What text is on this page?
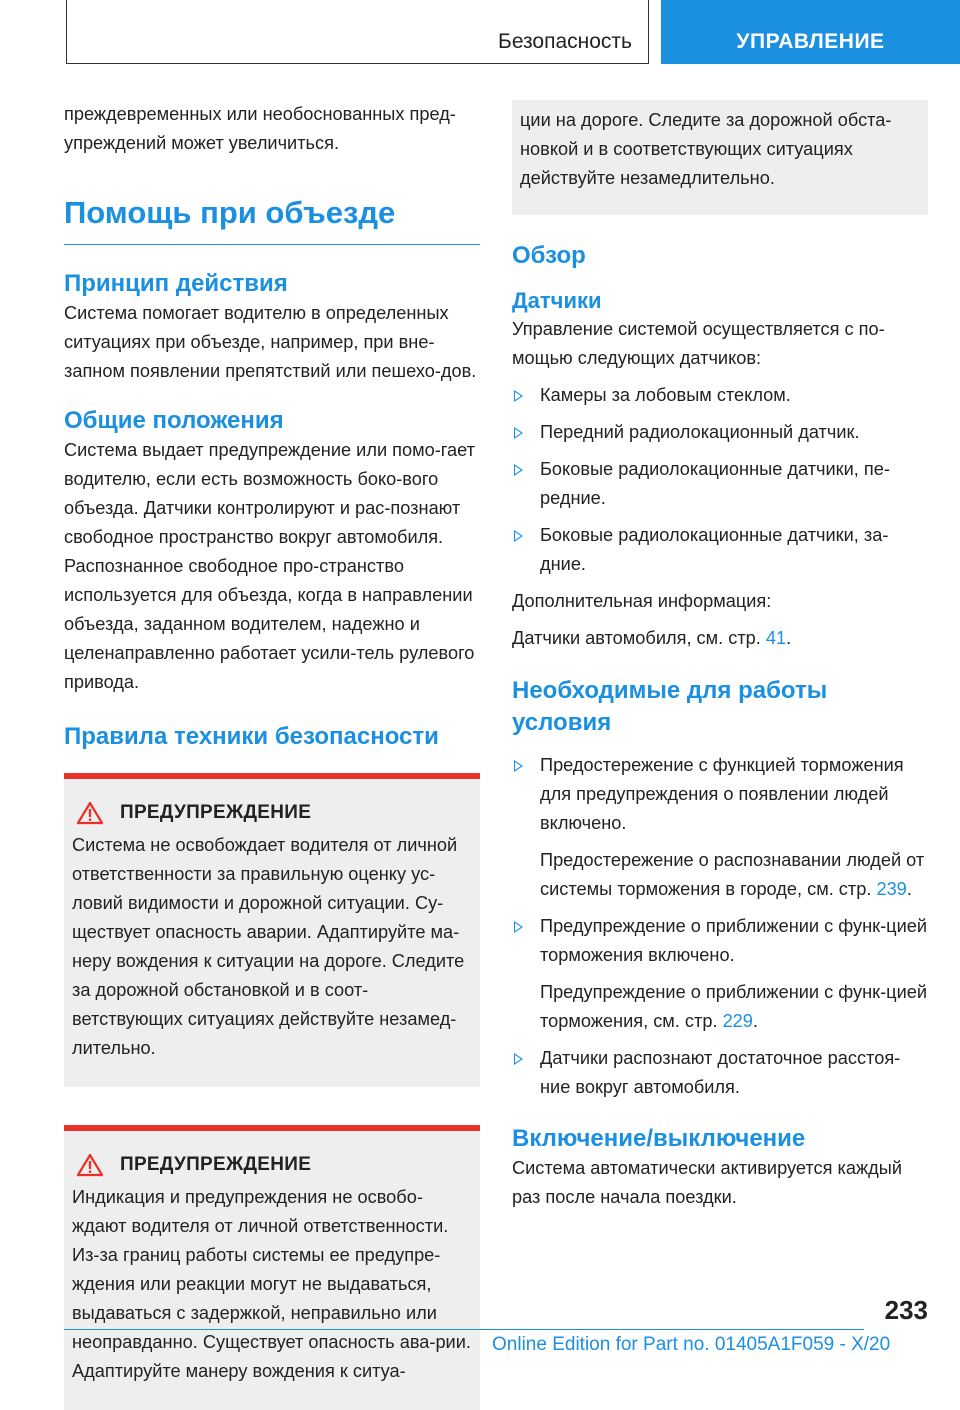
Безопасность	УПРАВЛЕНИЕ

преждевременных или необоснованных пред-упреждений может увеличиться.

Помощь при объезде
Принцип действия

Система помогает водителю в определенных ситуациях при объезде, например, при вне-запном появлении препятствий или пешехо-дов.

Общие положения

Система выдает предупреждение или помо-гает водителю, если есть возможность боко-вого объезда. Датчики контролируют и рас-познают свободное пространство вокруг автомобиля. Распознанное свободное про-странство используется для объезда, когда в направлении объезда, заданном водителем, надежно и целенаправленно работает усили-тель рулевого привода.

Правила техники безопасности
ПРЕДУПРЕЖДЕНИЕ

Система не освобождает водителя от личной ответственности за правильную оценку ус-ловий видимости и дорожной ситуации. Су-ществует опасность аварии. Адаптируйте ма-неру вождения к ситуации на дороге. Следите за дорожной обстановкой и в соот-ветствующих ситуациях действуйте незамед-лительно.

ПРЕДУПРЕЖДЕНИЕ

Индикация и предупреждения не освобо-ждают водителя от личной ответственности. Из-за границ работы системы ее предупре-ждения или реакции могут не выдаваться, выдаваться с задержкой, неправильно или неоправданно. Существует опасность ава-рии. Адаптируйте манеру вождения к ситуа-

ции на дороге. Следите за дорожной обста-новкой и в соответствующих ситуациях действуйте незамедлительно.

Обзор
Датчики

Управление системой осуществляется с по-мощью следующих датчиков:

Камеры за лобовым стеклом.
Передний радиолокационный датчик.
Боковые радиолокационные датчики, пе-редние.
Боковые радиолокационные датчики, за-дние.

Дополнительная информация:

Датчики автомобиля, см. стр. 41.

Необходимые для работы условия
Предостережение с функцией торможения для предупреждения о появлении людей включено.

Предостережение о распознавании людей от системы торможения в городе, см. стр. 239.

Предупреждение о приближении с функ-цией торможения включено.

Предупреждение о приближении с функ-цией торможения, см. стр. 229.

Датчики распознают достаточное расстоя-ние вокруг автомобиля.
Включение/выключение

Система автоматически активируется каждый раз после начала поездки.

233
Online Edition for Part no. 01405A1F059 - X/20
